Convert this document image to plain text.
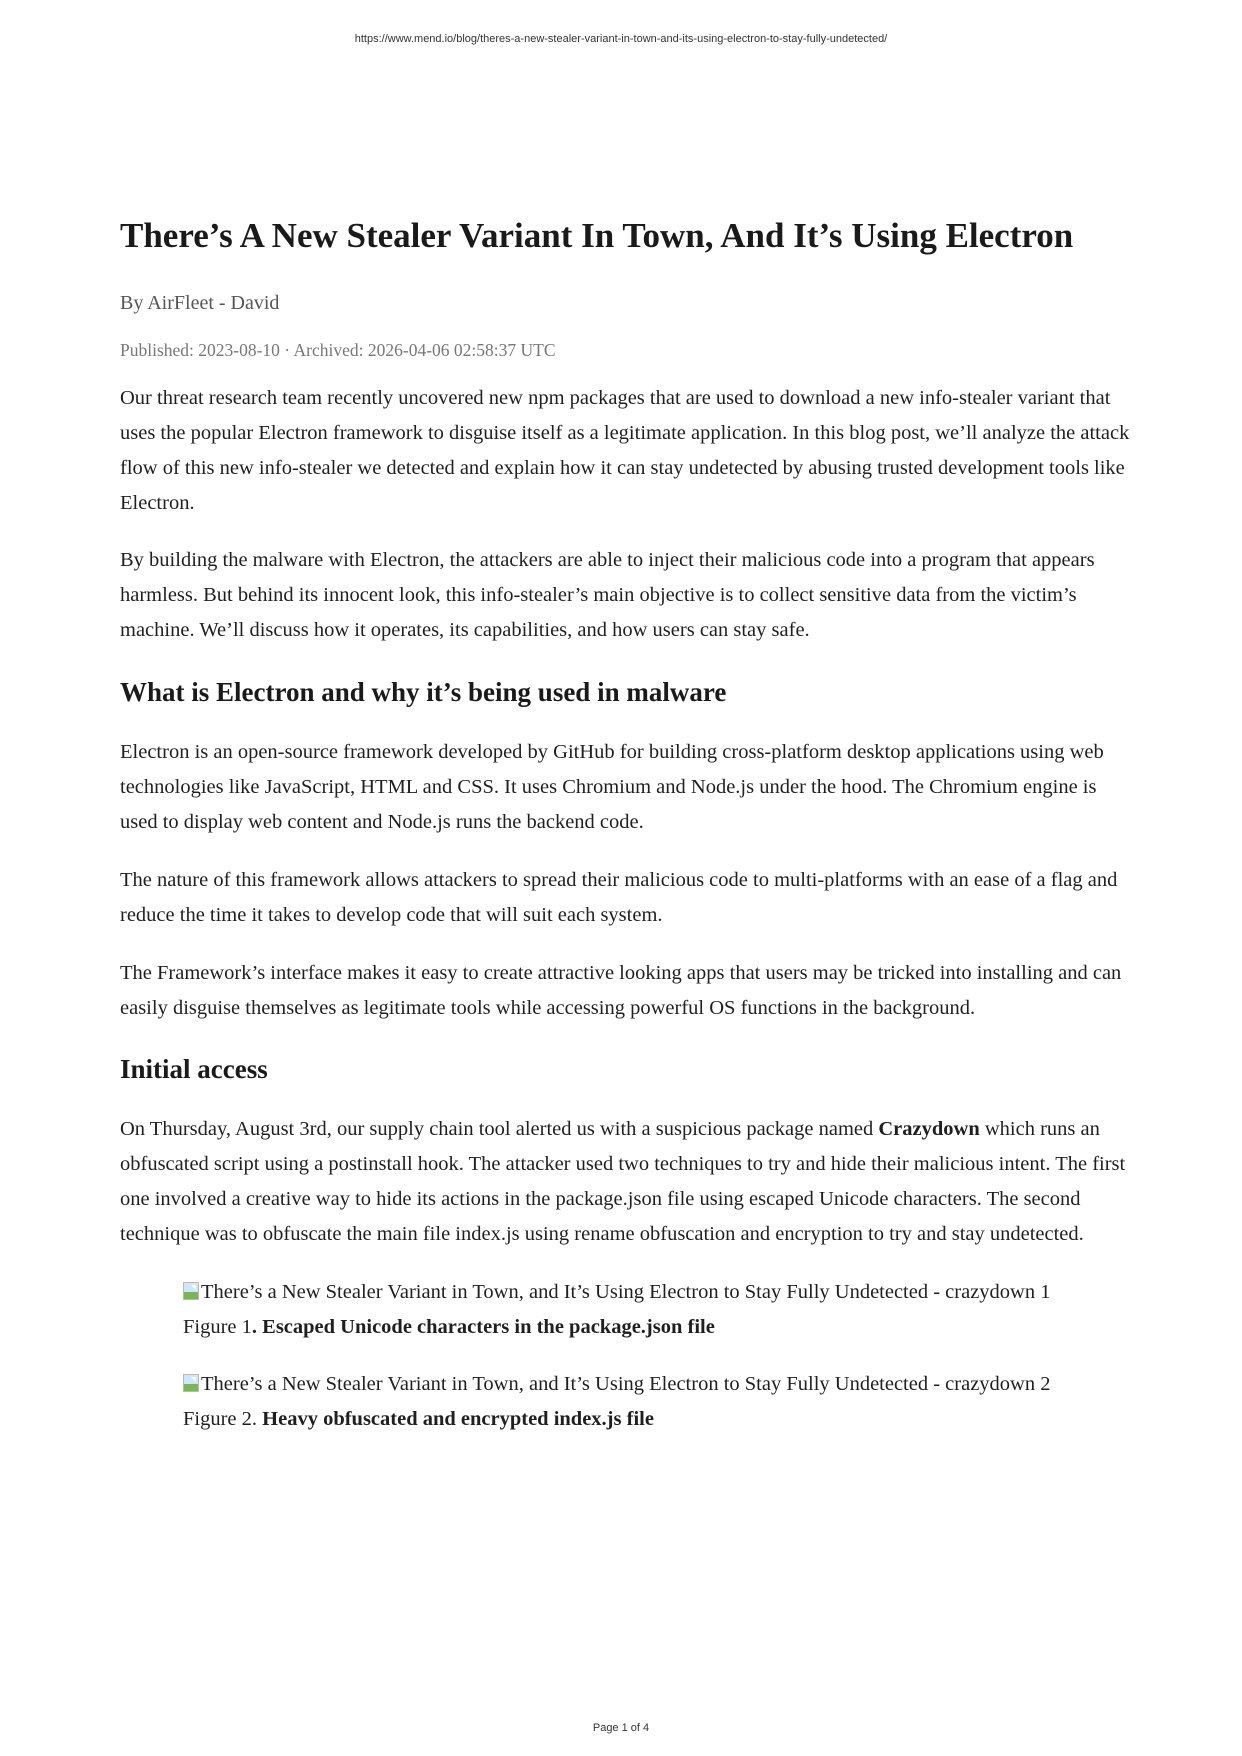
https://www.mend.io/blog/theres-a-new-stealer-variant-in-town-and-its-using-electron-to-stay-fully-undetected/
There’s A New Stealer Variant In Town, And It’s Using Electron
By AirFleet - David
Published: 2023-08-10 · Archived: 2026-04-06 02:58:37 UTC

Our threat research team recently uncovered new npm packages that are used to download a new info-stealer variant that uses the popular Electron framework to disguise itself as a legitimate application. In this blog post, we’ll analyze the attack flow of this new info-stealer we detected and explain how it can stay undetected by abusing trusted development tools like Electron.

By building the malware with Electron, the attackers are able to inject their malicious code into a program that appears harmless. But behind its innocent look, this info-stealer’s main objective is to collect sensitive data from the victim’s machine. We’ll discuss how it operates, its capabilities, and how users can stay safe.

What is Electron and why it’s being used in malware

Electron is an open-source framework developed by GitHub for building cross-platform desktop applications using web technologies like JavaScript, HTML and CSS. It uses Chromium and Node.js under the hood. The Chromium engine is used to display web content and Node.js runs the backend code.

The nature of this framework allows attackers to spread their malicious code to multi-platforms with an ease of a flag and reduce the time it takes to develop code that will suit each system.

The Framework’s interface makes it easy to create attractive looking apps that users may be tricked into installing and can easily disguise themselves as legitimate tools while accessing powerful OS functions in the background.

Initial access

On Thursday, August 3rd, our supply chain tool alerted us with a suspicious package named Crazydown which runs an obfuscated script using a postinstall hook. The attacker used two techniques to try and hide their malicious intent. The first one involved a creative way to hide its actions in the package.json file using escaped Unicode characters. The second technique was to obfuscate the main file index.js using rename obfuscation and encryption to try and stay undetected.

There’s a New Stealer Variant in Town, and It’s Using Electron to Stay Fully Undetected - crazydown 1
Figure 1. Escaped Unicode characters in the package.json file
There’s a New Stealer Variant in Town, and It’s Using Electron to Stay Fully Undetected - crazydown 2
Figure 2. Heavy obfuscated and encrypted index.js file
Page 1 of 4
